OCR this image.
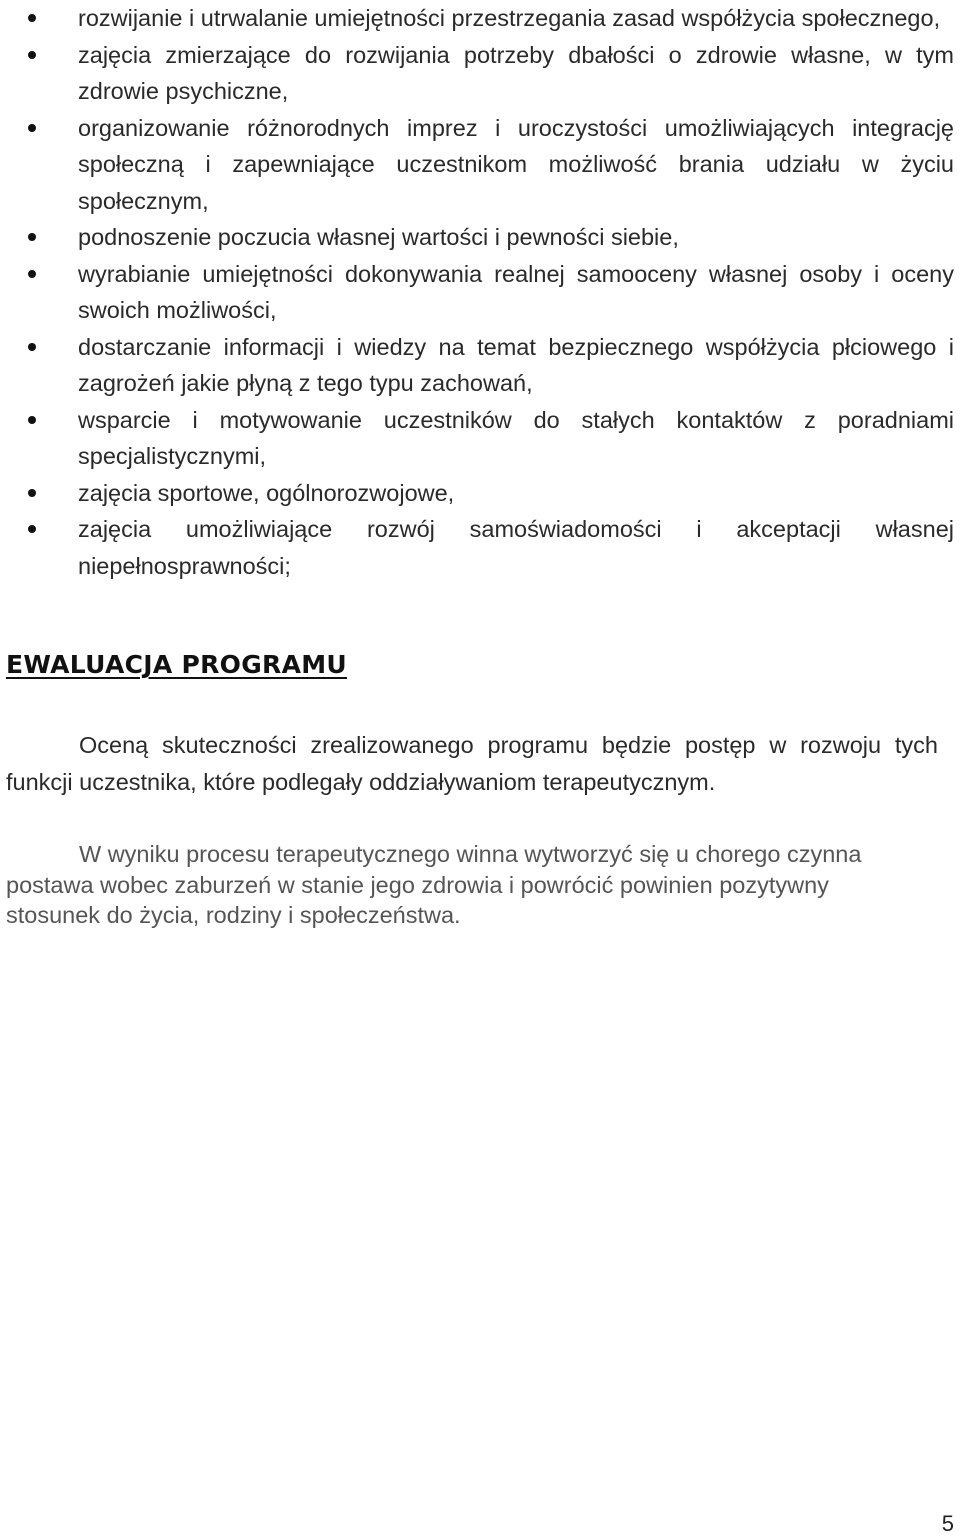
rozwijanie i utrwalanie umiejętności przestrzegania zasad współżycia społecznego,
zajęcia zmierzające do rozwijania potrzeby dbałości o zdrowie własne, w tym zdrowie psychiczne,
organizowanie różnorodnych imprez i uroczystości umożliwiających integrację społeczną i zapewniające uczestnikom możliwość brania udziału w życiu społecznym,
podnoszenie poczucia własnej wartości i pewności siebie,
wyrabianie umiejętności dokonywania realnej samooceny własnej osoby i oceny swoich możliwości,
dostarczanie informacji i wiedzy na temat bezpiecznego współżycia płciowego i zagrożeń jakie płyną z tego typu zachowań,
wsparcie i motywowanie uczestników do stałych kontaktów z poradniami specjalistycznymi,
zajęcia sportowe, ogólnorozwojowe,
zajęcia umożliwiające rozwój samoświadomości i akceptacji własnej niepełnosprawności;
EWALUACJA PROGRAMU

Oceną skuteczności zrealizowanego programu będzie postęp w rozwoju tych funkcji uczestnika, które podlegały oddziaływaniom terapeutycznym.

W wyniku procesu terapeutycznego winna wytworzyć się u chorego czynna postawa wobec zaburzeń w stanie jego zdrowia i powrócić powinien pozytywny stosunek do życia, rodziny i społeczeństwa.

5
